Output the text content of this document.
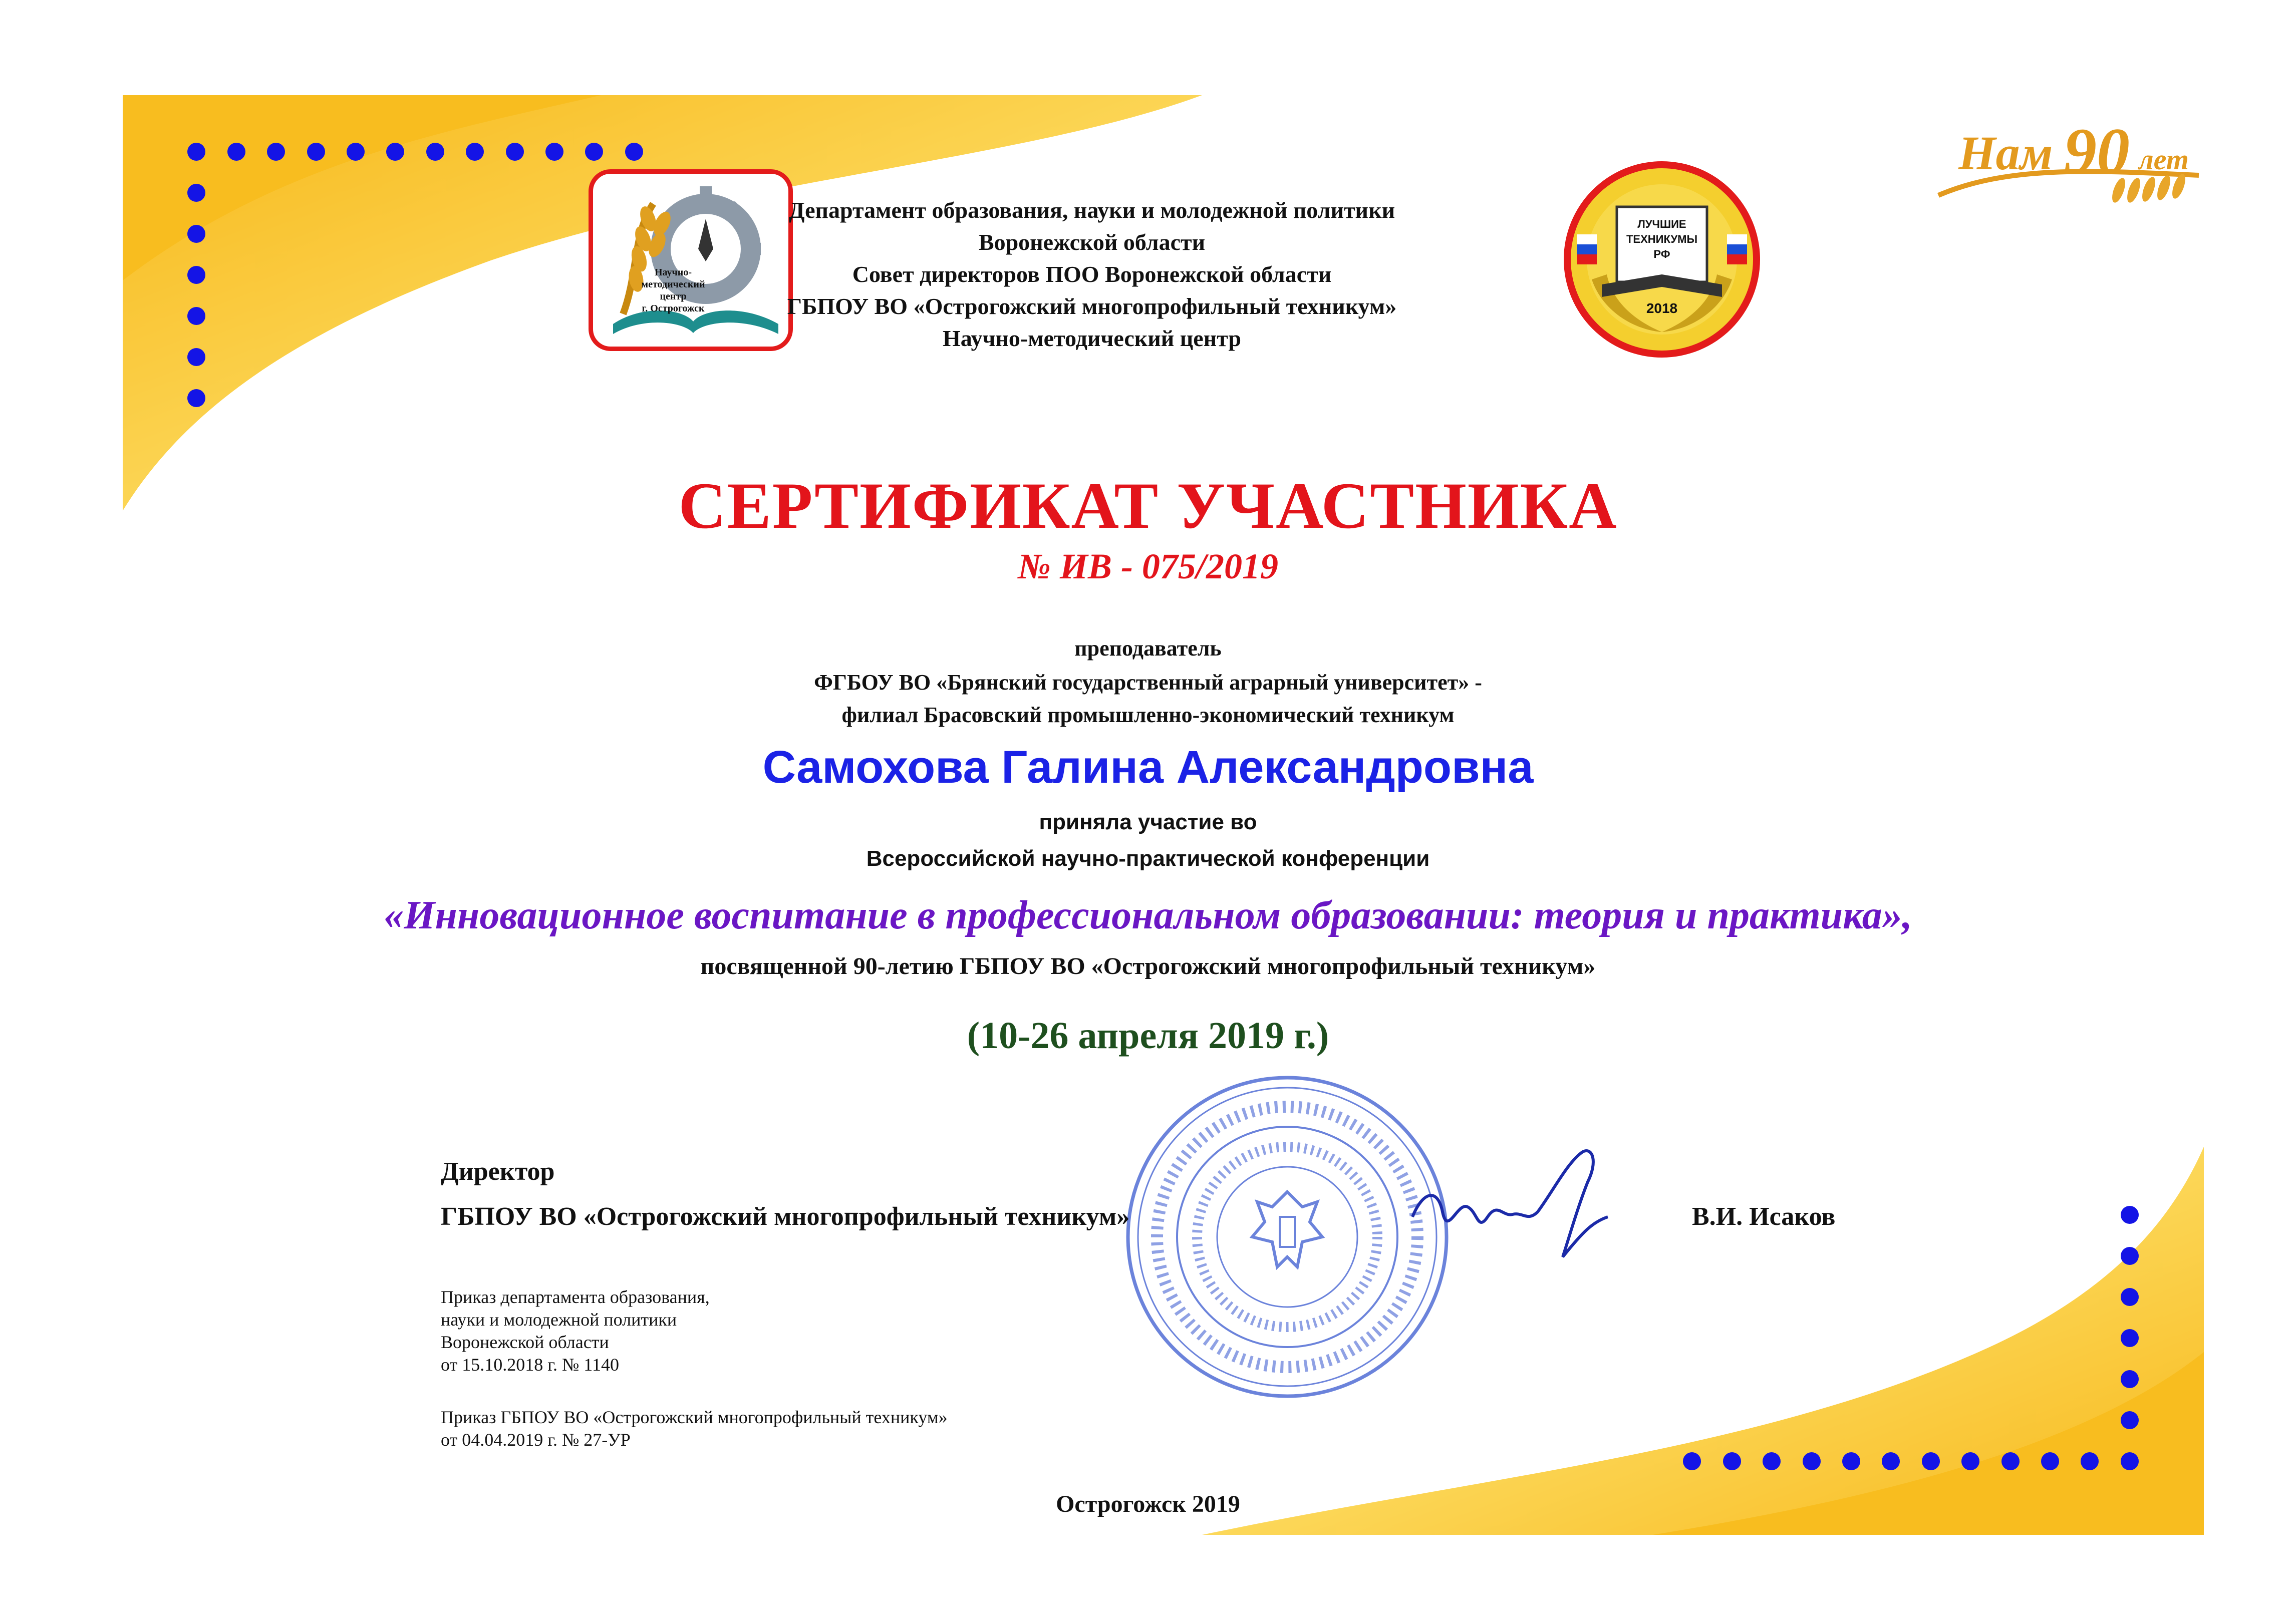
Научно-методический
центр
г. Острогожск
Департамент образования, науки и молодежной политики
Воронежской области
Совет директоров ПОО Воронежской области
ГБПОУ ВО «Острогожский многопрофильный техникум»
Научно-методический центр
ЛУЧШИЕ
ТЕХНИКУМЫ
РФ
2018
Нам 90 лет
СЕРТИФИКАТ УЧАСТНИКА
№ ИВ - 075/2019
преподаватель
ФГБОУ ВО «Брянский государственный аграрный университет» -
филиал Брасовский промышленно-экономический техникум
Самохова Галина Александровна
приняла участие во
Всероссийской научно-практической конференции
«Инновационное воспитание в профессиональном образовании: теория и практика»,
посвященной 90-летию ГБПОУ ВО «Острогожский многопрофильный техникум»
(10-26 апреля 2019 г.)
Директор
ГБПОУ ВО «Острогожский многопрофильный техникум»	В.И. Исаков
Приказ департамента образования,
науки и молодежной политики
Воронежской области
от 15.10.2018 г. № 1140
Приказ ГБПОУ ВО «Острогожский многопрофильный техникум»
от 04.04.2019 г. № 27-УР
Острогожск 2019
